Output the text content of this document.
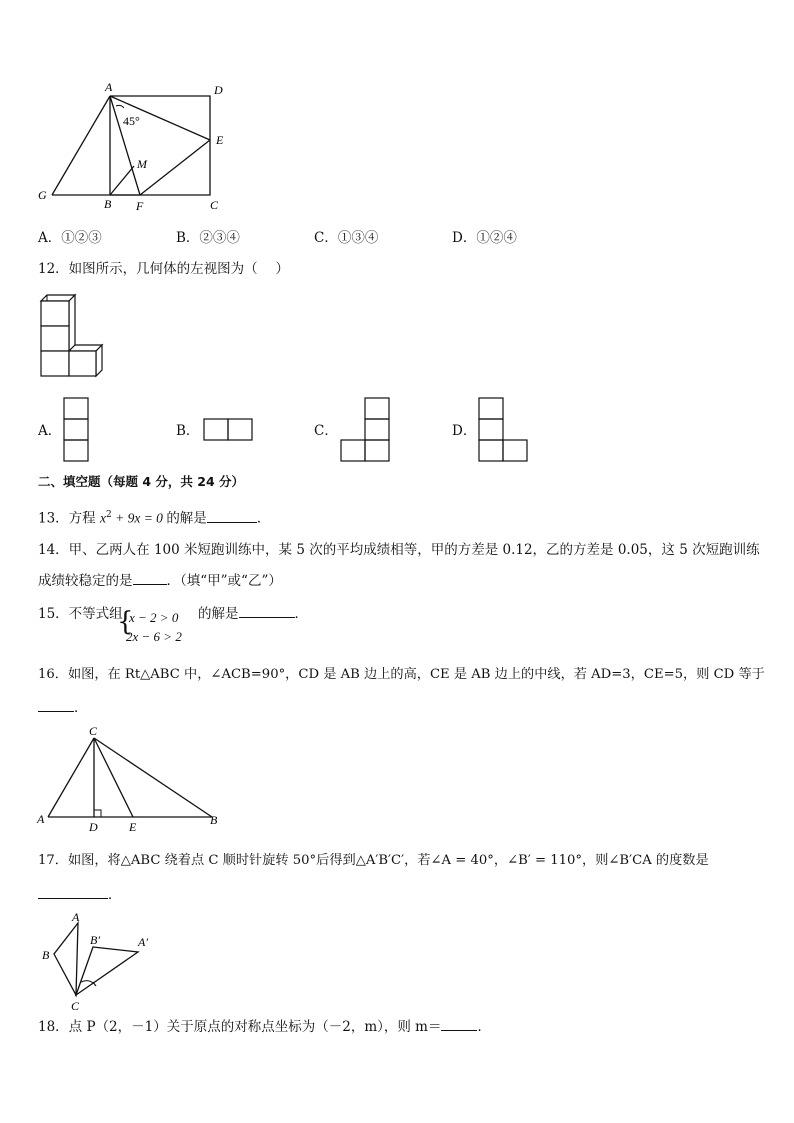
A	D
E
M
G
B F	C
45°
A．①②③	B．②③④	C．①③④	D．①②④
12．如图所示，几何体的左视图为（　 ）
A．	B．	C．	D．
二、填空题（每题 4 分，共 24 分）
13．方程 $x^2 + 9x = 0$ 的解是	．
14．甲、乙两人在 100 米短跑训练中，某 5 次的平均成绩相等，甲的方差是 0.12，乙的方差是 0.05，这 5 次短跑训练
成绩较稳定的是	．（填“甲”或“乙”）
15．不等式组
{
x − 2 > 0
2x − 6 > 2
的解是	．
16．如图，在 Rt△ABC 中，∠ACB=90°，CD 是 AB 边上的高，CE 是 AB 边上的中线，若 AD=3，CE=5，则 CD 等于
．
C
A
D	E	B
17．如图，将△ABC 绕着点 C 顺时针旋转 50°后得到△A′B′C′，若∠A = 40°，∠B′ = 110°，则∠B′CA 的度数是
．
A
B
B′	A′
C
18．点 P（2，－1）关于原点的对称点坐标为（－2，m），则 m＝	．
